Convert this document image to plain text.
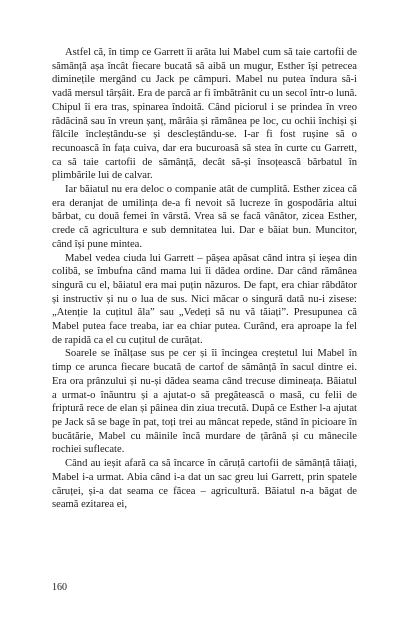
Astfel că, în timp ce Garrett îi arăta lui Mabel cum să taie cartofii de sămânță așa încât fiecare bucată să aibă un mugur, Esther își petrecea diminețile mergând cu Jack pe câmpuri. Mabel nu putea îndura să-i vadă mersul târșâit. Era de parcă ar fi îmbătrânit cu un secol într-o lună. Chipul îi era tras, spinarea îndoită. Când piciorul i se prindea în vreo rădăcină sau în vreun șanț, mârâia și rămânea pe loc, cu ochii închiși și fălcile încleștându-se și descleștându-se. I-ar fi fost rușine să o recunoască în fața cuiva, dar era bucuroasă să stea în curte cu Garrett, ca să taie cartofii de sămânță, decât să-și însoțească bărbatul în plimbările lui de calvar.

Iar băiatul nu era deloc o companie atât de cumplită. Esther zicea că era deranjat de umilința de-a fi nevoit să lucreze în gospodăria altui bărbat, cu două femei în vârstă. Vrea să se facă vânător, zicea Esther, crede că agricultura e sub demnitatea lui. Dar e băiat bun. Muncitor, când își pune mintea.

Mabel vedea ciuda lui Garrett – pășea apăsat când intra și ieșea din colibă, se îmbufna când mama lui îi dădea ordine. Dar când rămânea singură cu el, băiatul era mai puțin năzuros. De fapt, era chiar răbdător și instructiv și nu o lua de sus. Nici măcar o singură dată nu-i zisese: „Atenție la cuțitul ăla” sau „Vedeți să nu vă tăiați”. Presupunea că Mabel putea face treaba, iar ea chiar putea. Curând, era aproape la fel de rapidă ca el cu cuțitul de curățat.

Soarele se înălțase sus pe cer și îi încingea creștetul lui Mabel în timp ce arunca fiecare bucată de cartof de sămânță în sacul dintre ei. Era ora prânzului și nu-și dădea seama când trecuse dimineața. Băiatul a urmat-o înăuntru și a ajutat-o să pregătească o masă, cu felii de friptură rece de elan și pâinea din ziua trecută. După ce Esther l-a ajutat pe Jack să se bage în pat, toți trei au mâncat repede, stând în picioare în bucătărie, Mabel cu mâinile încă murdare de țărână și cu mânecile rochiei suflecate.

Când au ieșit afară ca să încarce în căruță cartofii de sămânță tăiați, Mabel i-a urmat. Abia când i-a dat un sac greu lui Garrett, prin spatele căruței, și-a dat seama ce făcea – agricultură. Băiatul n-a băgat de seamă ezitarea ei,

160
